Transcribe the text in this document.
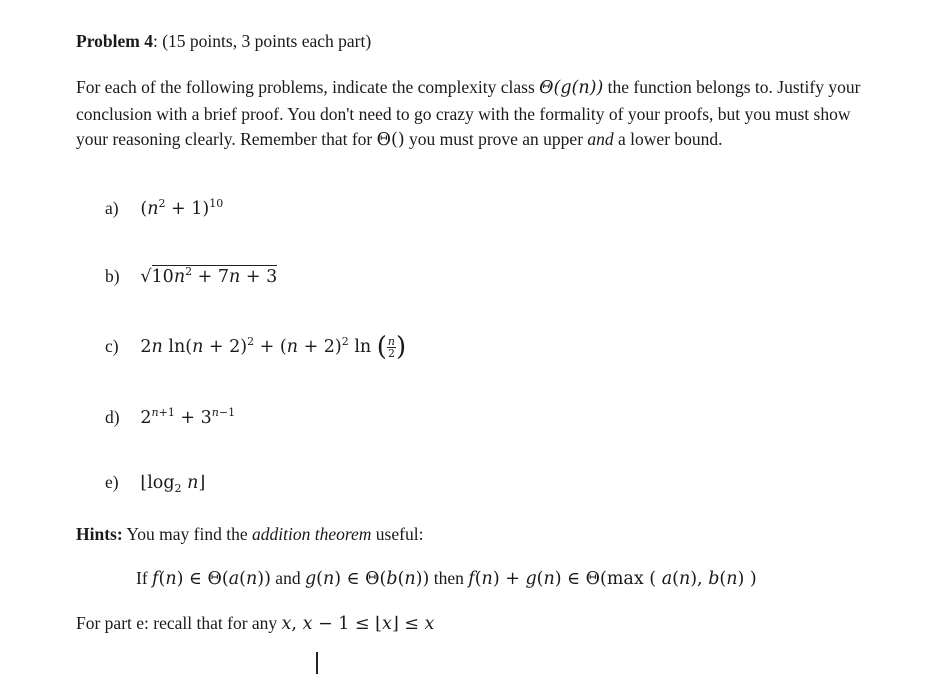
Problem 4: (15 points, 3 points each part)
For each of the following problems, indicate the complexity class Θ(g(n)) the function belongs to. Justify your conclusion with a brief proof. You don't need to go crazy with the formality of your proofs, but you must show your reasoning clearly. Remember that for Θ() you must prove an upper and a lower bound.
a) $(n^2 + 1)^{10}$
b) $√10n^2 + 7n + 3$
c) 2n $\ln(n + 2)^2 + (n + 2)^2$ ln ( $\frac{n}{2}$ )
d) $2^{n+1} + 3^{n-1}$
e) $⌊\log_2$ n⌋
Hints: You may find the addition theorem useful:
If f(n) ∈ Θ(a(n)) and g(n) ∈ Θ(b(n)) then f(n) + g(n) ∈ Θ(max ( a(n), b(n) )
For part e: recall that for any x, x − 1 ≤ ⌊x⌋ ≤ x
